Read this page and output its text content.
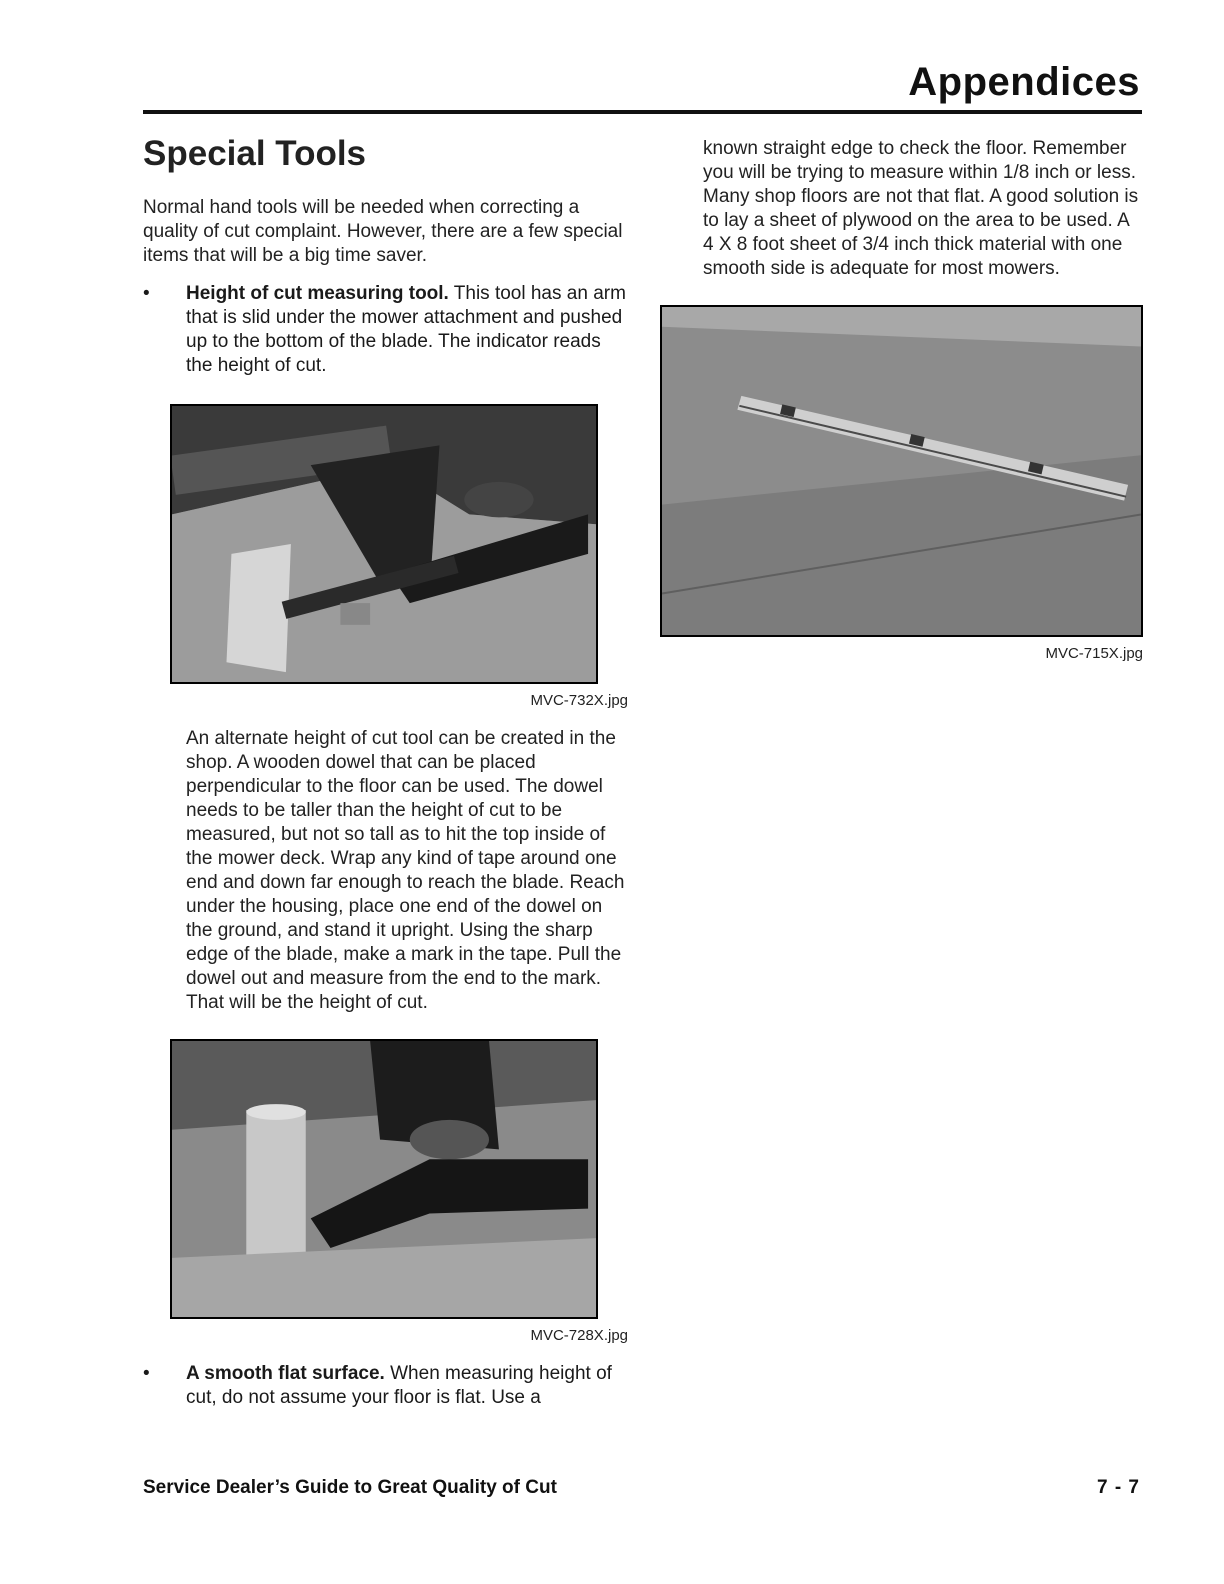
Appendices
Special Tools

Normal hand tools will be needed when correcting a quality of cut complaint. However, there are a few special items that will be a big time saver.

• Height of cut measuring tool. This tool has an arm that is slid under the mower attachment and pushed up to the bottom of the blade. The indicator reads the height of cut.
MVC-732X.jpg

An alternate height of cut tool can be created in the shop. A wooden dowel that can be placed perpendicular to the floor can be used. The dowel needs to be taller than the height of cut to be measured, but not so tall as to hit the top inside of the mower deck. Wrap any kind of tape around one end and down far enough to reach the blade. Reach under the housing, place one end of the dowel on the ground, and stand it upright. Using the sharp edge of the blade, make a mark in the tape. Pull the dowel out and measure from the end to the mark. That will be the height of cut.

MVC-728X.jpg
• A smooth flat surface. When measuring height of cut, do not assume your floor is flat. Use a

known straight edge to check the floor. Remember you will be trying to measure within 1/8 inch or less. Many shop floors are not that flat. A good solution is to lay a sheet of plywood on the area to be used. A 4 X 8 foot sheet of 3/4 inch thick material with one smooth side is adequate for most mowers.

MVC-715X.jpg
Service Dealer’s Guide to Great Quality of Cut	7 - 7
